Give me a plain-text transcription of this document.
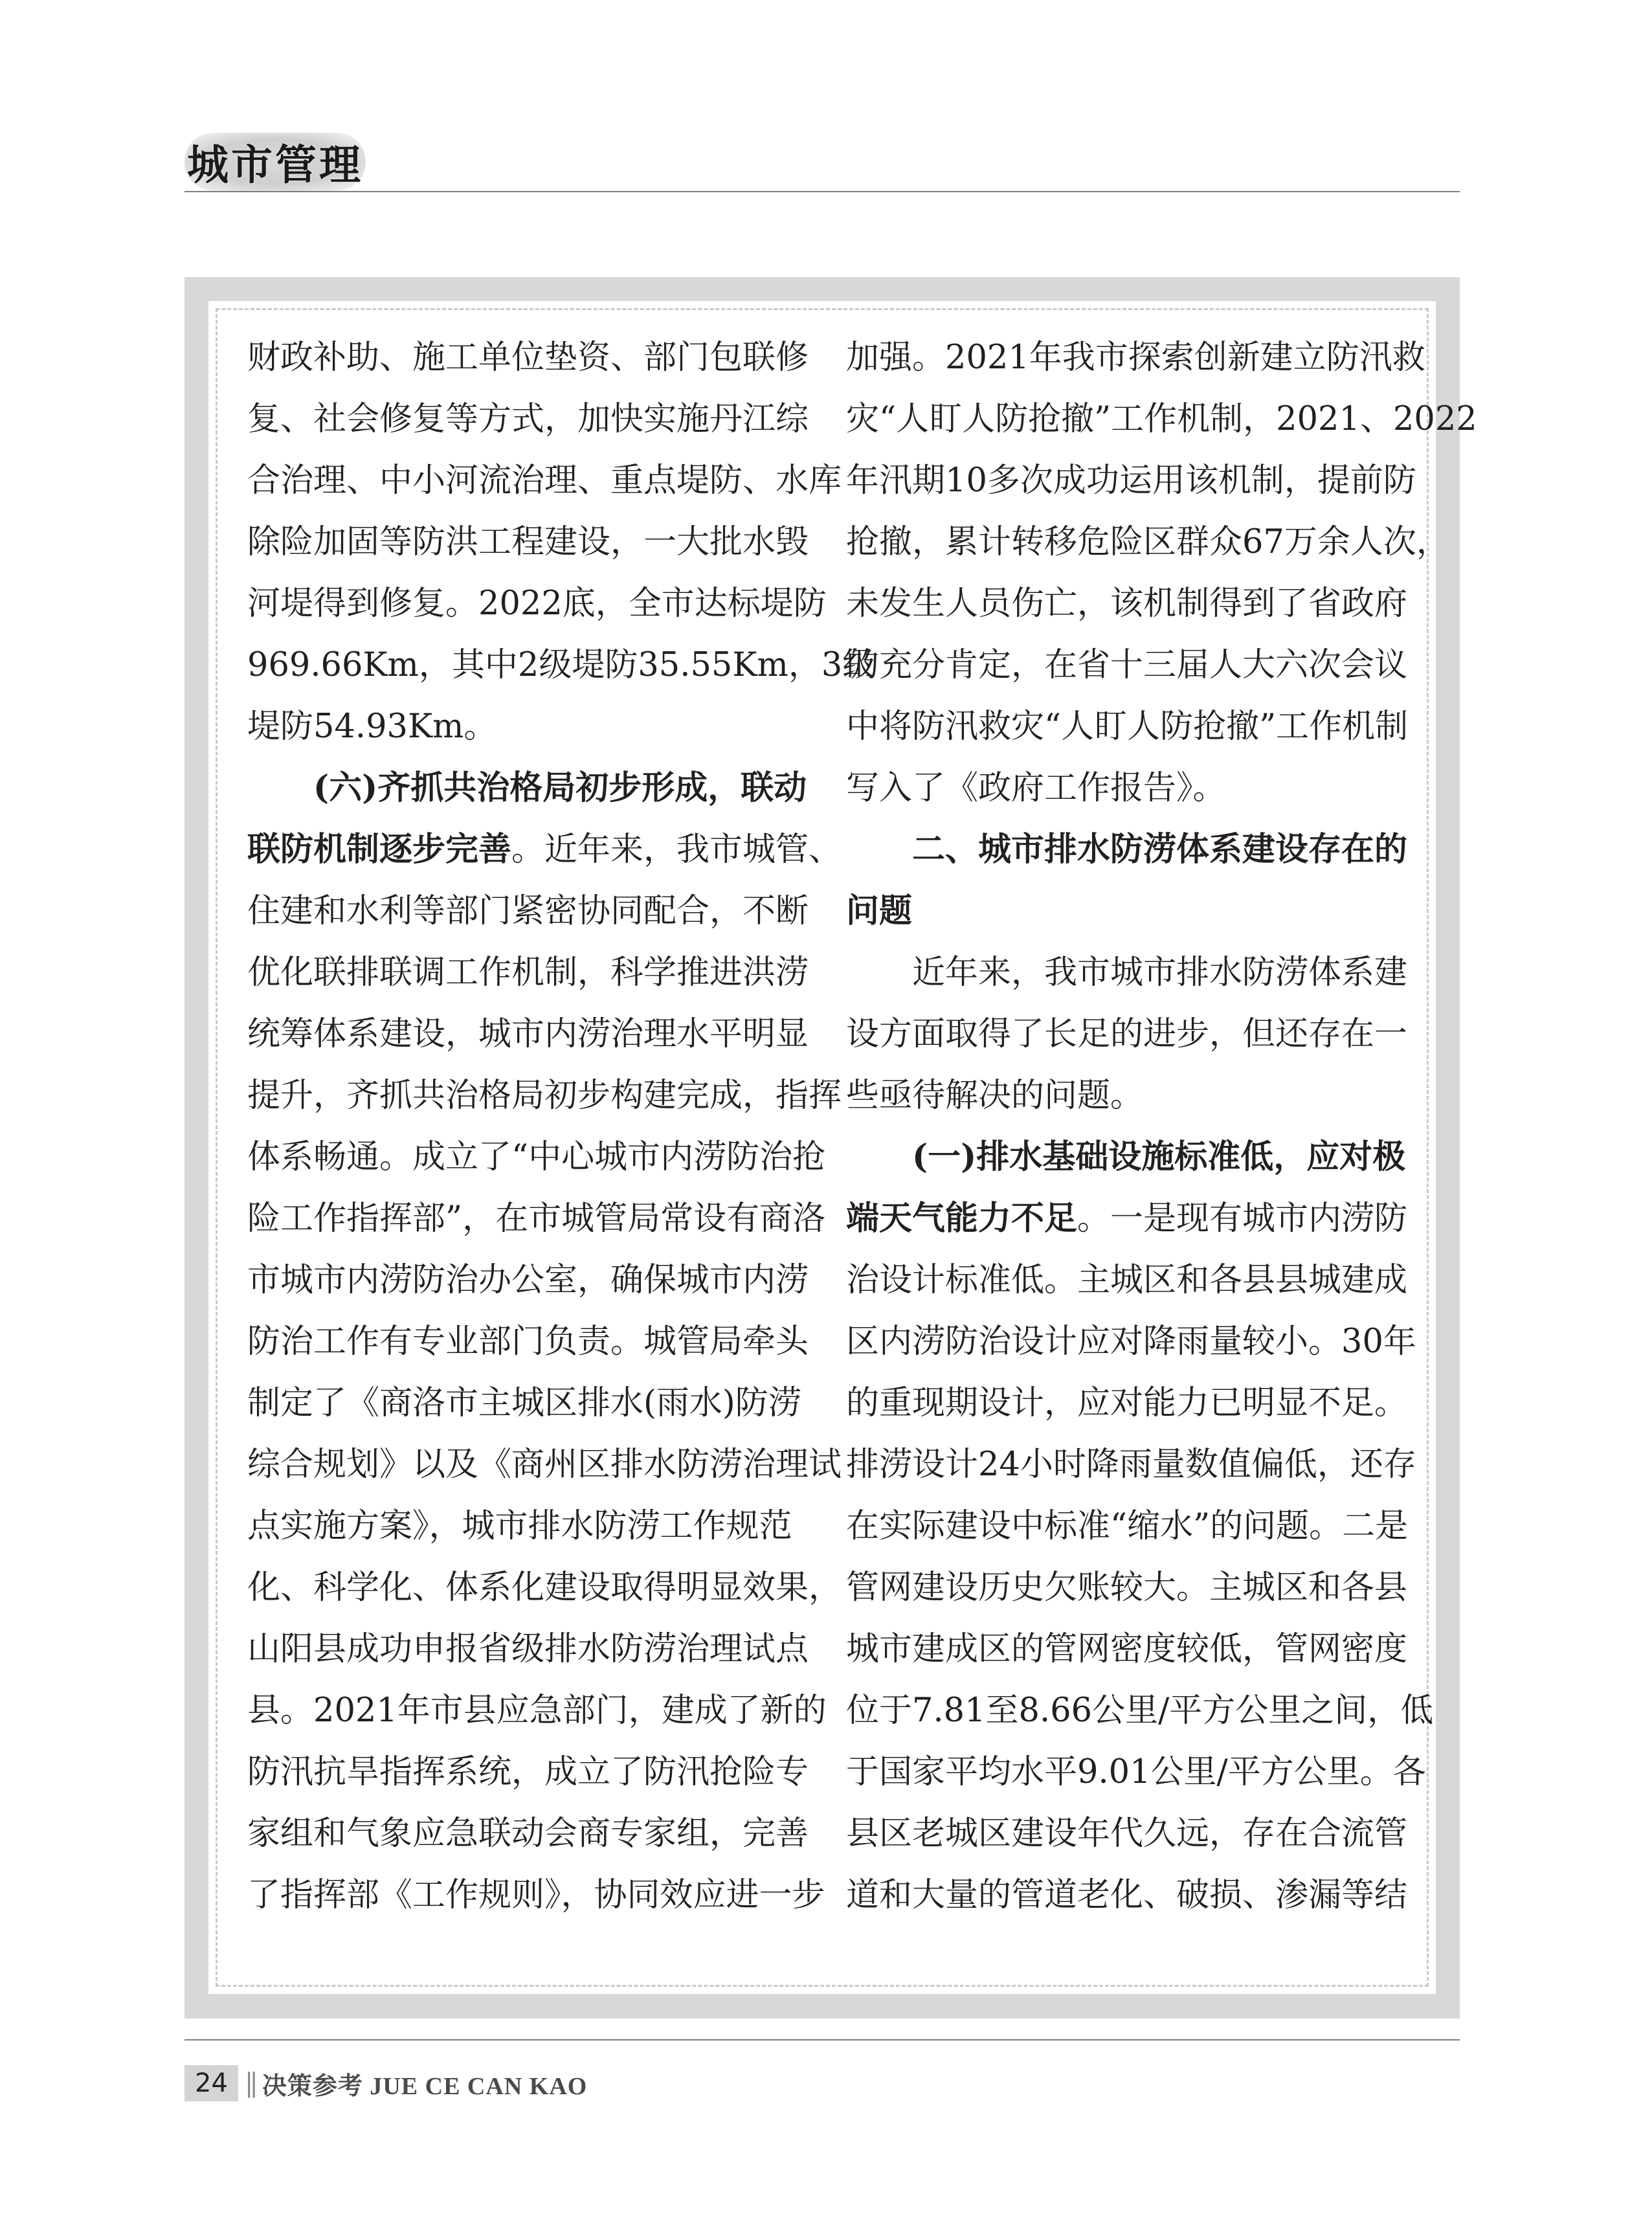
城市管理
财政补助、施工单位垫资、部门包联修
复、社会修复等方式，加快实施丹江综
合治理、中小河流治理、重点堤防、水库
除险加固等防洪工程建设，一大批水毁
河堤得到修复。2022底，全市达标堤防
969.66Km，其中2级堤防35.55Km，3级
堤防54.93Km。
　　(六)齐抓共治格局初步形成，联动
联防机制逐步完善。近年来，我市城管、
住建和水利等部门紧密协同配合，不断
优化联排联调工作机制，科学推进洪涝
统筹体系建设，城市内涝治理水平明显
提升，齐抓共治格局初步构建完成，指挥
体系畅通。成立了“中心城市内涝防治抢
险工作指挥部”，在市城管局常设有商洛
市城市内涝防治办公室，确保城市内涝
防治工作有专业部门负责。城管局牵头
制定了《商洛市主城区排水(雨水)防涝
综合规划》以及《商州区排水防涝治理试
点实施方案》，城市排水防涝工作规范
化、科学化、体系化建设取得明显效果，
山阳县成功申报省级排水防涝治理试点
县。2021年市县应急部门，建成了新的
防汛抗旱指挥系统，成立了防汛抢险专
家组和气象应急联动会商专家组，完善
了指挥部《工作规则》，协同效应进一步
加强。2021年我市探索创新建立防汛救
灾“人盯人防抢撤”工作机制，2021、2022
年汛期10多次成功运用该机制，提前防
抢撤，累计转移危险区群众67万余人次，
未发生人员伤亡，该机制得到了省政府
的充分肯定，在省十三届人大六次会议
中将防汛救灾“人盯人防抢撤”工作机制
写入了《政府工作报告》。
　　二、城市排水防涝体系建设存在的
问题
　　近年来，我市城市排水防涝体系建
设方面取得了长足的进步，但还存在一
些亟待解决的问题。
　　(一)排水基础设施标准低，应对极
端天气能力不足。一是现有城市内涝防
治设计标准低。主城区和各县县城建成
区内涝防治设计应对降雨量较小。30年
的重现期设计，应对能力已明显不足。
排涝设计24小时降雨量数值偏低，还存
在实际建设中标准“缩水”的问题。二是
管网建设历史欠账较大。主城区和各县
城市建成区的管网密度较低，管网密度
位于7.81至8.66公里/平方公里之间，低
于国家平均水平9.01公里/平方公里。各
县区老城区建设年代久远，存在合流管
道和大量的管道老化、破损、渗漏等结
24 || 决策参考 JUE CE CAN KAO
